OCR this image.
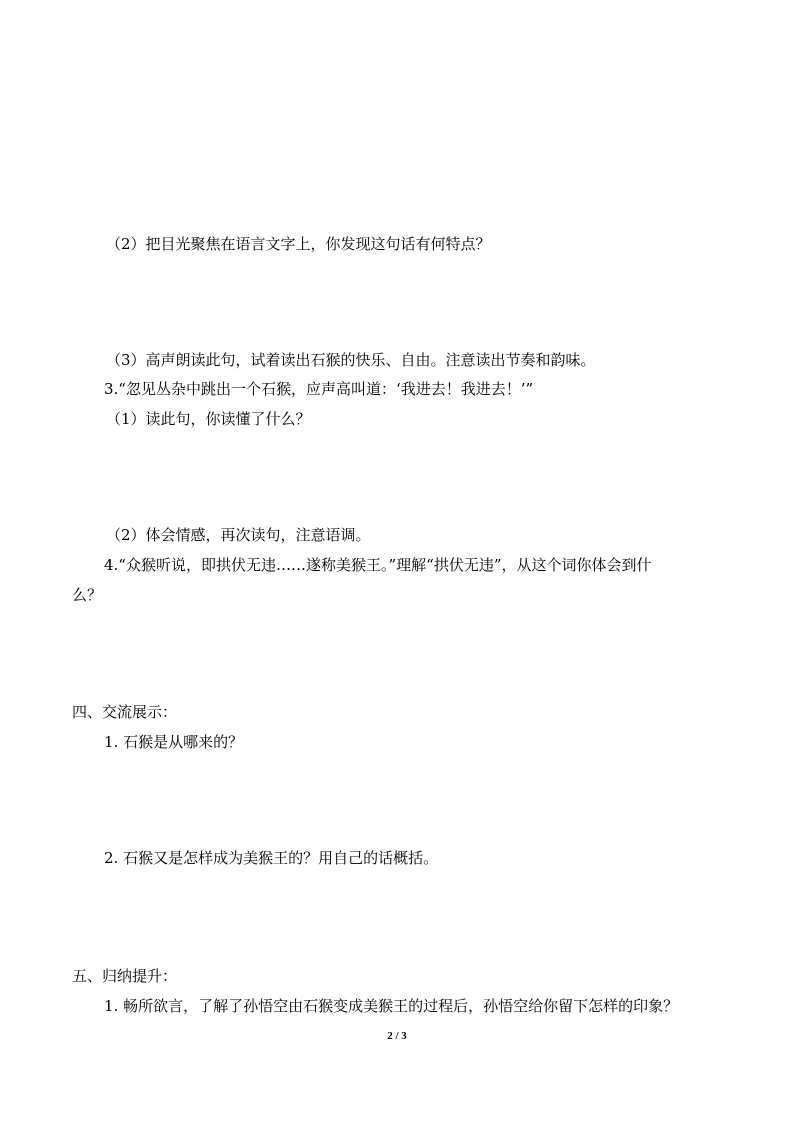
（2）把目光聚焦在语言文字上，你发现这句话有何特点？
（3）高声朗读此句，试着读出石猴的快乐、自由。注意读出节奏和韵味。
3.“忽见丛杂中跳出一个石猴，应声高叫道：‘我进去！我进去！’”
（1）读此句，你读懂了什么？
（2）体会情感，再次读句，注意语调。
4.“众猴听说，即拱伏无违……遂称美猴王。”理解“拱伏无违”，从这个词你体会到什
么？
四、交流展示：
1. 石猴是从哪来的？
2. 石猴又是怎样成为美猴王的？用自己的话概括。
五、归纳提升：
1. 畅所欲言，了解了孙悟空由石猴变成美猴王的过程后，孙悟空给你留下怎样的印象？
2 / 3
